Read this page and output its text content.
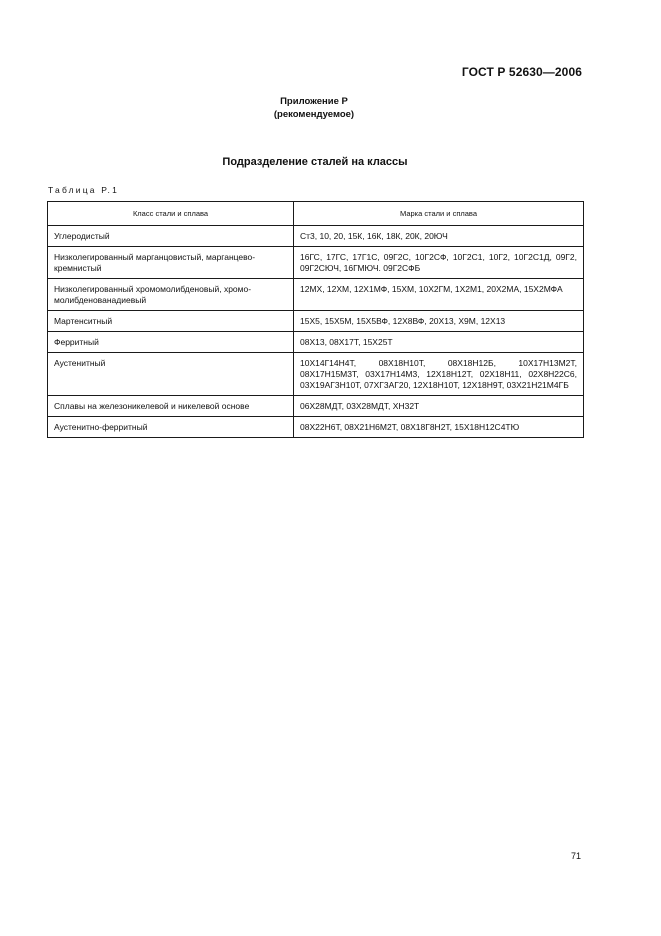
ГОСТ Р 52630—2006
Приложение Р
(рекомендуемое)
Подразделение сталей на классы
Таблица Р.1
Класс стали и сплава	Марка стали и сплава
Углеродистый	Ст3, 10, 20, 15К, 16К, 18К, 20К, 20ЮЧ
Низколегированный марганцовистый, марганцево-кремнистый	16ГС, 17ГС, 17Г1С, 09Г2С, 10Г2СФ, 10Г2С1, 10Г2, 10Г2С1Д, 09Г2, 09Г2СЮЧ, 16ГМЮЧ. 09Г2СФБ
Низколегированный хромомолибденовый, хромо-молибденованадиевый	12МХ, 12ХМ, 12Х1МФ, 15ХМ, 10Х2ГМ, 1Х2М1, 20Х2МА, 15Х2МФА
Мартенситный	15Х5, 15Х5М, 15Х5ВФ, 12Х8ВФ, 20Х13, Х9М, 12Х13
Ферритный	08Х13, 08Х17Т, 15Х25Т
Аустенитный	10Х14Г14Н4Т, 08Х18Н10Т, 08Х18Н12Б, 10Х17Н13М2Т, 08Х17Н15М3Т, 03Х17Н14М3, 12Х18Н12Т, 02Х18Н11, 02Х8Н22С6, 03Х19АГ3Н10Т, 07ХГ3АГ20, 12Х18Н10Т, 12Х18Н9Т, 03Х21Н21М4ГБ
Сплавы на железоникелевой и никелевой основе	06Х28МДТ, 03Х28МДТ, ХН32Т
Аустенитно-ферритный	08Х22Н6Т, 08Х21Н6М2Т, 08Х18Г8Н2Т, 15Х18Н12С4ТЮ
71
